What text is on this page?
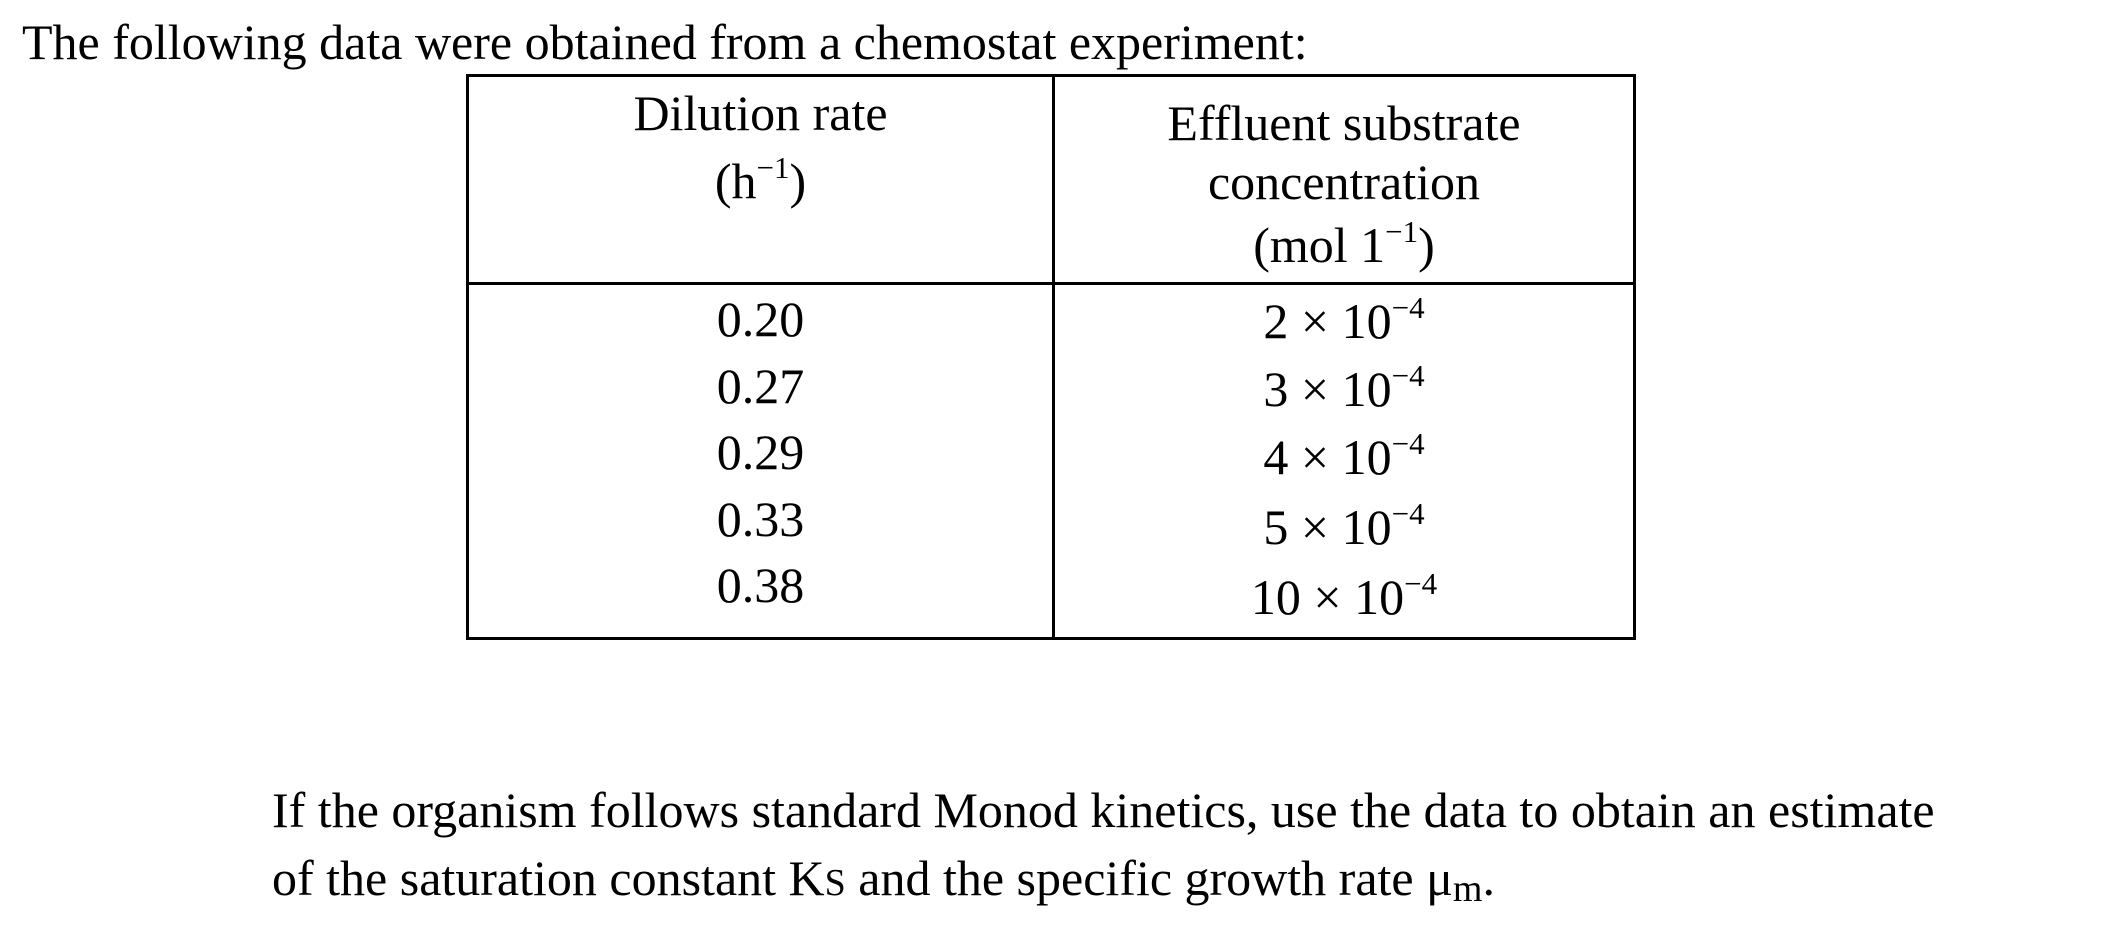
The following data were obtained from a chemostat experiment:
Dilution rate
$(h^{-1})$
Effluent substrate
concentration
(mol $1^{-1}$)
0.20
0.27
0.29
0.33
0.38
$2 \times 10^{-4}$
$3 \times 10^{-4}$
$4 \times 10^{-4}$
$5 \times 10^{-4}$
$10 \times 10^{-4}$
If the organism follows standard Monod kinetics, use the data to obtain an estimate
of the saturation constant KS and the specific growth rate μm.
